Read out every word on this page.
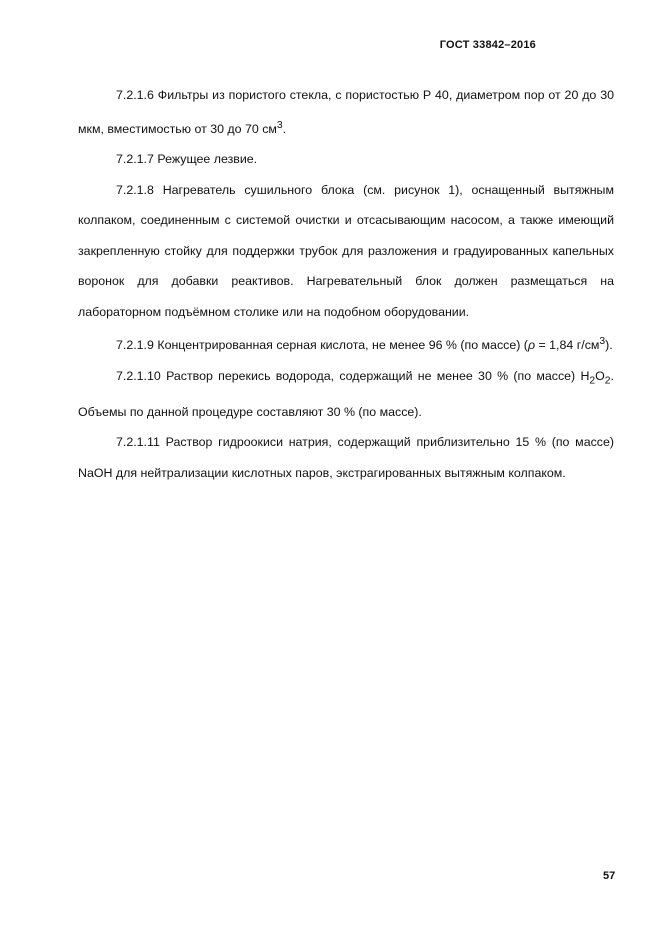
ГОСТ 33842–2016

7.2.1.6 Фильтры из пористого стекла, с пористостью Р 40, диаметром пор от 20 до 30 мкм, вместимостью от 30 до 70 $см^3$.

7.2.1.7 Режущее лезвие.

7.2.1.8 Нагреватель сушильного блока (см. рисунок 1), оснащенный вытяжным колпаком, соединенным с системой очистки и отсасывающим насосом, а также имеющий закрепленную стойку для поддержки трубок для разложения и градуированных капельных воронок для добавки реактивов. Нагревательный блок должен размещаться на лабораторном подъёмном столике или на подобном оборудовании.

7.2.1.9 Концентрированная серная кислота, не менее 96 % (по массе) (ρ = 1,84 $г/см^3$).

7.2.1.10 Раствор перекись водорода, содержащий не менее 30 % (по массе) $H_2O_2$. Объемы по данной процедуре составляют 30 % (по массе).

7.2.1.11 Раствор гидроокиси натрия, содержащий приблизительно 15 % (по массе) NaOH для нейтрализации кислотных паров, экстрагированных вытяжным колпаком.

57
